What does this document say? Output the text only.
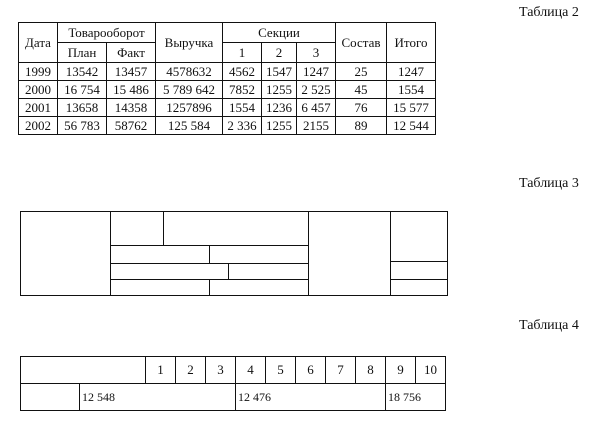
Таблица 2
Дата	Товарооборот		Выручка	Секции			Состав	Итого
	План	Факт		1	2	3		
1999	13542	13457	4578632	4562	1547	1247	25	1247
2000	16 754	15 486	5 789 642	7852	1255	2 525	45	1554
2001	13658	14358	1257896	1554	1236	6 457	76	15 577
2002	56 783	58762	125 584	2 336	1255	2155	89	12 544
Таблица 3
Таблица 4
		1	2	3	4	5	6	7	8	9	10
	12 548				12 476					18 756	
